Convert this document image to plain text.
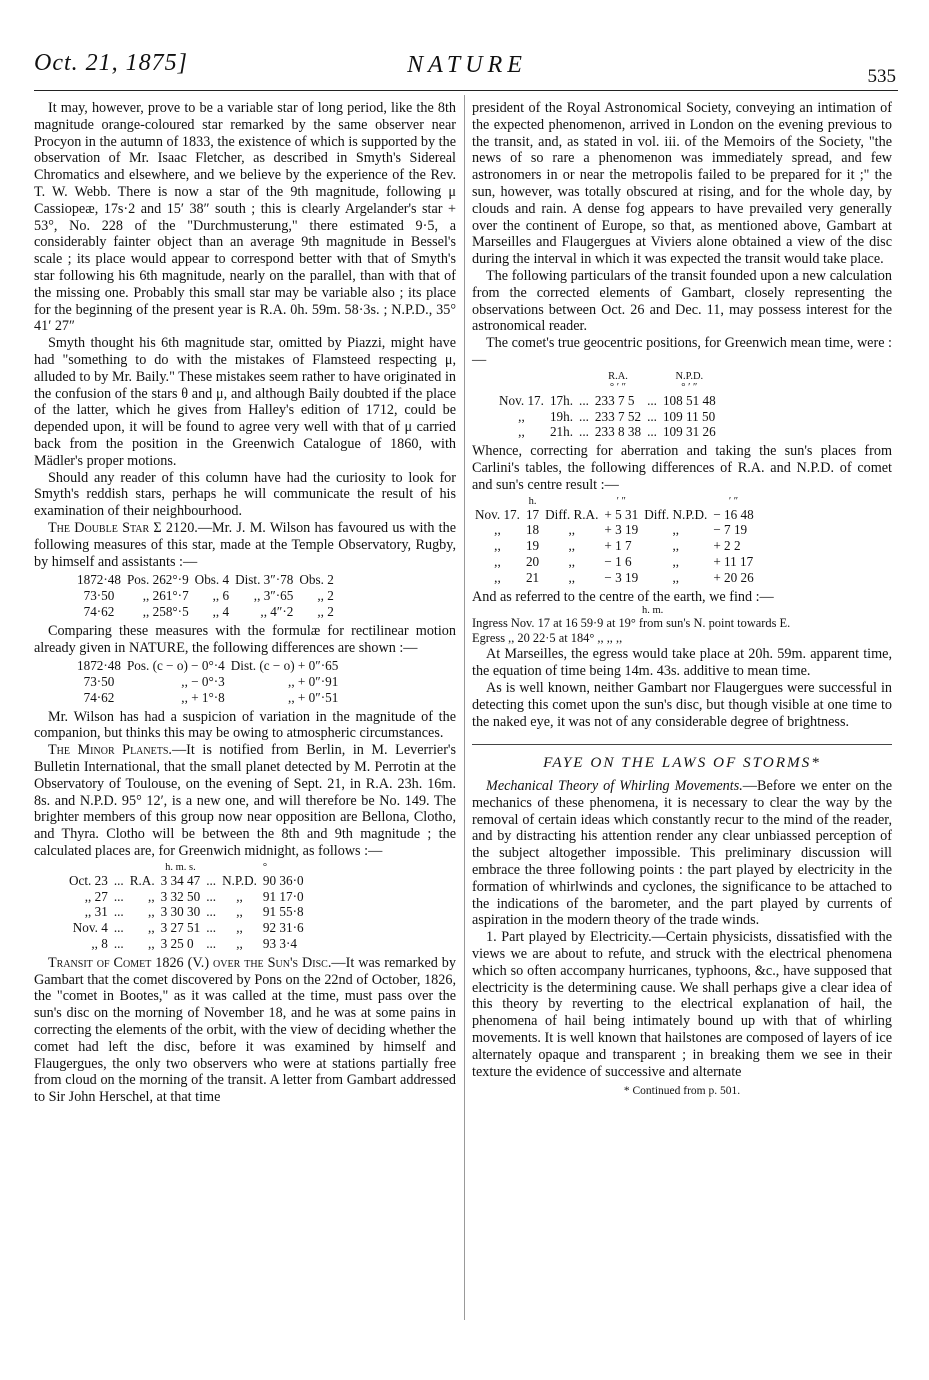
Oct. 21, 1875]	NATURE	535

It may, however, prove to be a variable star of long period, like the 8th magnitude orange-coloured star remarked by the same observer near Procyon in the autumn of 1833, the existence of which is supported by the observation of Mr. Isaac Fletcher, as described in Smyth's Sidereal Chromatics and elsewhere, and we believe by the experience of the Rev. T. W. Webb. There is now a star of the 9th magnitude, following μ Cassiopeæ, 17s·2 and 15′ 38″ south ; this is clearly Argelander's star + 53°, No. 228 of the "Durchmusterung," there estimated 9·5, a considerably fainter object than an average 9th magnitude in Bessel's scale ; its place would appear to correspond better with that of Smyth's star following his 6th magnitude, nearly on the parallel, than with that of the missing one. Probably this small star may be variable also ; its place for the beginning of the present year is R.A. 0h. 59m. 58·3s. ; N.P.D., 35° 41′ 27″

Smyth thought his 6th magnitude star, omitted by Piazzi, might have had "something to do with the mistakes of Flamsteed respecting μ, alluded to by Mr. Baily." These mistakes seem rather to have originated in the confusion of the stars θ and μ, and although Baily doubted if the place of the latter, which he gives from Halley's edition of 1712, could be depended upon, it will be found to agree very well with that of μ carried back from the position in the Greenwich Catalogue of 1860, with Mädler's proper motions.

Should any reader of this column have had the curiosity to look for Smyth's reddish stars, perhaps he will communicate the result of his examination of their neighbourhood.

The Double Star Σ 2120.—Mr. J. M. Wilson has favoured us with the following measures of this star, made at the Temple Observatory, Rugby, by himself and assistants :—

1872·48	Pos. 262°·9	Obs. 4	Dist. 3″·78	Obs. 2
73·50	,, 261°·7	,, 6	,, 3″·65	,, 2
74·62	,, 258°·5	,, 4	,, 4″·2	,, 2

Comparing these measures with the formulæ for rectilinear motion already given in NATURE, the following differences are shown :—

1872·48	Pos. (c − o) − 0°·4	Dist. (c − o) + 0″·65
73·50	,, − 0°·3	,, + 0″·91
74·62	,, + 1°·8	,, + 0″·51

Mr. Wilson has had a suspicion of variation in the magnitude of the companion, but thinks this may be owing to atmospheric circumstances.

The Minor Planets.—It is notified from Berlin, in M. Leverrier's Bulletin International, that the small planet detected by M. Perrotin at the Observatory of Toulouse, on the evening of Sept. 21, in R.A. 23h. 16m. 8s. and N.P.D. 95° 12′, is a new one, and will therefore be No. 149. The brighter members of this group now near opposition are Bellona, Clotho, and Thyra. Clotho will be between the 8th and 9th magnitude ; the calculated places are, for Greenwich midnight, as follows :—

			h. m. s.			°
Oct. 23	...	R.A.	3 34 47	...	N.P.D.	90 36·0
,, 27	...	,,	3 32 50	...	,,	91 17·0
,, 31	...	,,	3 30 30	...	,,	91 55·8
Nov. 4	...	,,	3 27 51	...	,,	92 31·6
,, 8	...	,,	3 25 0	...	,,	93 3·4

Transit of Comet 1826 (V.) over the Sun's Disc.—It was remarked by Gambart that the comet discovered by Pons on the 22nd of October, 1826, the "comet in Bootes," as it was called at the time, must pass over the sun's disc on the morning of November 18, and he was at some pains in correcting the elements of the orbit, with the view of deciding whether the comet had left the disc, before it was examined by himself and Flaugergues, the only two observers who were at stations partially free from cloud on the morning of the transit. A letter from Gambart addressed to Sir John Herschel, at that time

president of the Royal Astronomical Society, conveying an intimation of the expected phenomenon, arrived in London on the evening previous to the transit, and, as stated in vol. iii. of the Memoirs of the Society, "the news of so rare a phenomenon was immediately spread, and few astronomers in or near the metropolis failed to be prepared for it ;" the sun, however, was totally obscured at rising, and for the whole day, by clouds and rain. A dense fog appears to have prevailed very generally over the continent of Europe, so that, as mentioned above, Gambart at Marseilles and Flaugergues at Viviers alone obtained a view of the disc during the interval in which it was expected the transit would take place.

The following particulars of the transit founded upon a new calculation from the corrected elements of Gambart, closely representing the observations between Oct. 26 and Dec. 11, may possess interest for the astronomical reader.

The comet's true geocentric positions, for Greenwich mean time, were :—

			R.A.		N.P.D.
			° ′ ″		° ′ ″
Nov. 17.	17h.	...	233 7 5	...	108 51 48
,,	19h.	...	233 7 52	...	109 11 50
,,	21h.	...	233 8 38	...	109 31 26

Whence, correcting for aberration and taking the sun's places from Carlini's tables, the following differences of R.A. and N.P.D. of comet and sun's centre result :—

	h.		′ ″		′ ″
Nov. 17.	17	Diff. R.A.	+ 5 31	Diff. N.P.D.	− 16 48
,,	18	,,	+ 3 19	,,	− 7 19
,,	19	,,	+ 1 7	,,	+ 2 2
,,	20	,,	− 1 6	,,	+ 11 17
,,	21	,,	− 3 19	,,	+ 20 26

And as referred to the centre of the earth, we find :—

h. m.
Ingress Nov. 17 at 16 59·9 at 19° from sun's N. point towards E.
Egress ,, 20 22·5 at 184° ,, ,, ,,

At Marseilles, the egress would take place at 20h. 59m. apparent time, the equation of time being 14m. 43s. additive to mean time.

As is well known, neither Gambart nor Flaugergues were successful in detecting this comet upon the sun's disc, but though visible at one time to the naked eye, it was not of any considerable degree of brightness.

FAYE ON THE LAWS OF STORMS*

Mechanical Theory of Whirling Movements.—Before we enter on the mechanics of these phenomena, it is necessary to clear the way by the removal of certain ideas which constantly recur to the mind of the reader, and by distracting his attention render any clear unbiassed perception of the subject altogether impossible. This preliminary discussion will embrace the three following points : the part played by electricity in the formation of whirlwinds and cyclones, the significance to be attached to the indications of the barometer, and the part played by currents of aspiration in the modern theory of the trade winds.

1. Part played by Electricity.—Certain physicists, dissatisfied with the views we are about to refute, and struck with the electrical phenomena which so often accompany hurricanes, typhoons, &c., have supposed that electricity is the determining cause. We shall perhaps give a clear idea of this theory by reverting to the electrical explanation of hail, the phenomena of hail being intimately bound up with that of whirling movements. It is well known that hailstones are composed of layers of ice alternately opaque and transparent ; in breaking them we see in their texture the evidence of successive and alternate

* Continued from p. 501.
